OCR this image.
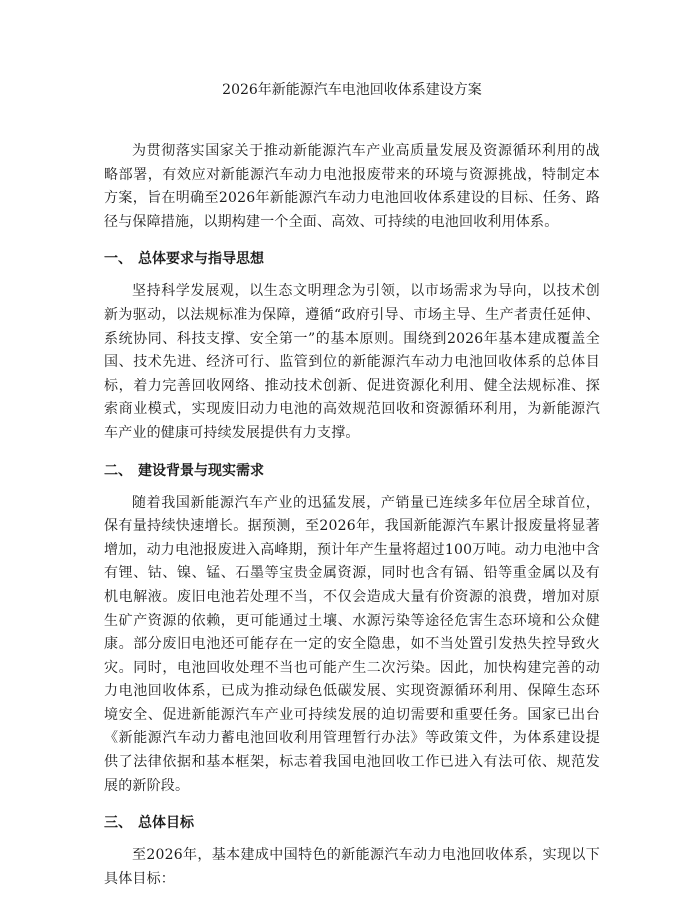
2026年新能源汽车电池回收体系建设方案

为贯彻落实国家关于推动新能源汽车产业高质量发展及资源循环利用的战略部署，有效应对新能源汽车动力电池报废带来的环境与资源挑战，特制定本方案，旨在明确至2026年新能源汽车动力电池回收体系建设的目标、任务、路径与保障措施，以期构建一个全面、高效、可持续的电池回收利用体系。

一、 总体要求与指导思想

坚持科学发展观，以生态文明理念为引领，以市场需求为导向，以技术创新为驱动，以法规标准为保障，遵循“政府引导、市场主导、生产者责任延伸、系统协同、科技支撑、安全第一”的基本原则。围绕到2026年基本建成覆盖全国、技术先进、经济可行、监管到位的新能源汽车动力电池回收体系的总体目标，着力完善回收网络、推动技术创新、促进资源化利用、健全法规标准、探索商业模式，实现废旧动力电池的高效规范回收和资源循环利用，为新能源汽车产业的健康可持续发展提供有力支撑。

二、 建设背景与现实需求

随着我国新能源汽车产业的迅猛发展，产销量已连续多年位居全球首位，保有量持续快速增长。据预测，至2026年，我国新能源汽车累计报废量将显著增加，动力电池报废进入高峰期，预计年产生量将超过100万吨。动力电池中含有锂、钴、镍、锰、石墨等宝贵金属资源，同时也含有镉、铅等重金属以及有机电解液。废旧电池若处理不当，不仅会造成大量有价资源的浪费，增加对原生矿产资源的依赖，更可能通过土壤、水源污染等途径危害生态环境和公众健康。部分废旧电池还可能存在一定的安全隐患，如不当处置引发热失控导致火灾。同时，电池回收处理不当也可能产生二次污染。因此，加快构建完善的动力电池回收体系，已成为推动绿色低碳发展、实现资源循环利用、保障生态环境安全、促进新能源汽车产业可持续发展的迫切需要和重要任务。国家已出台《新能源汽车动力蓄电池回收利用管理暂行办法》等政策文件，为体系建设提供了法律依据和基本框架，标志着我国电池回收工作已进入有法可依、规范发展的新阶段。

三、 总体目标

至2026年，基本建成中国特色的新能源汽车动力电池回收体系，实现以下具体目标：
